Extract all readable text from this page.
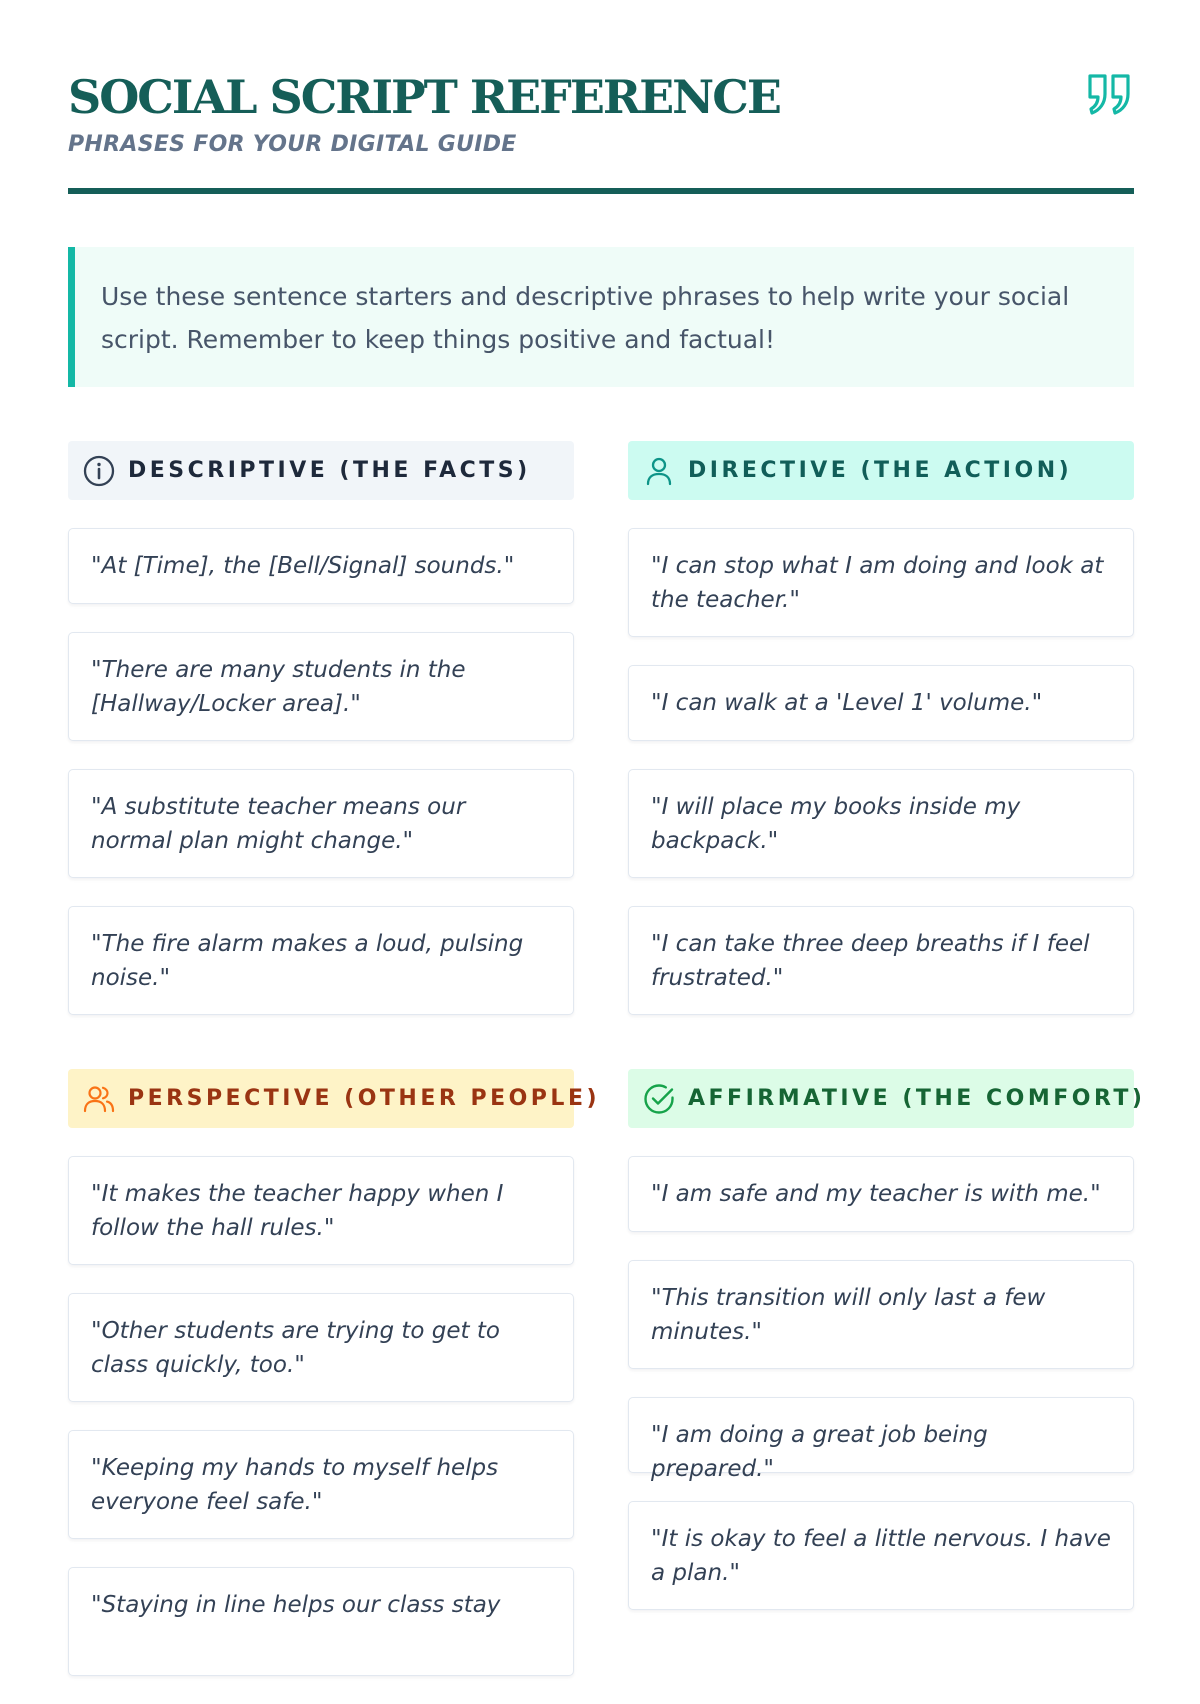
SOCIAL SCRIPT REFERENCE
PHRASES FOR YOUR DIGITAL GUIDE

Use these sentence starters and descriptive phrases to help write your social script. Remember to keep things positive and factual!

DESCRIPTIVE (THE FACTS)
"At [Time], the [Bell/Signal] sounds."
"There are many students in the [Hallway/Locker area]."
"A substitute teacher means our normal plan might change."
"The fire alarm makes a loud, pulsing noise."
PERSPECTIVE (OTHER PEOPLE)
"It makes the teacher happy when I follow the hall rules."
"Other students are trying to get to class quickly, too."
"Keeping my hands to myself helps everyone feel safe."
"Staying in line helps our class stay
DIRECTIVE (THE ACTION)
"I can stop what I am doing and look at the teacher."
"I can walk at a 'Level 1' volume."
"I will place my books inside my backpack."
"I can take three deep breaths if I feel frustrated."
AFFIRMATIVE (THE COMFORT)
"I am safe and my teacher is with me."
"This transition will only last a few minutes."
"I am doing a great job being prepared."
"It is okay to feel a little nervous. I have a plan."
